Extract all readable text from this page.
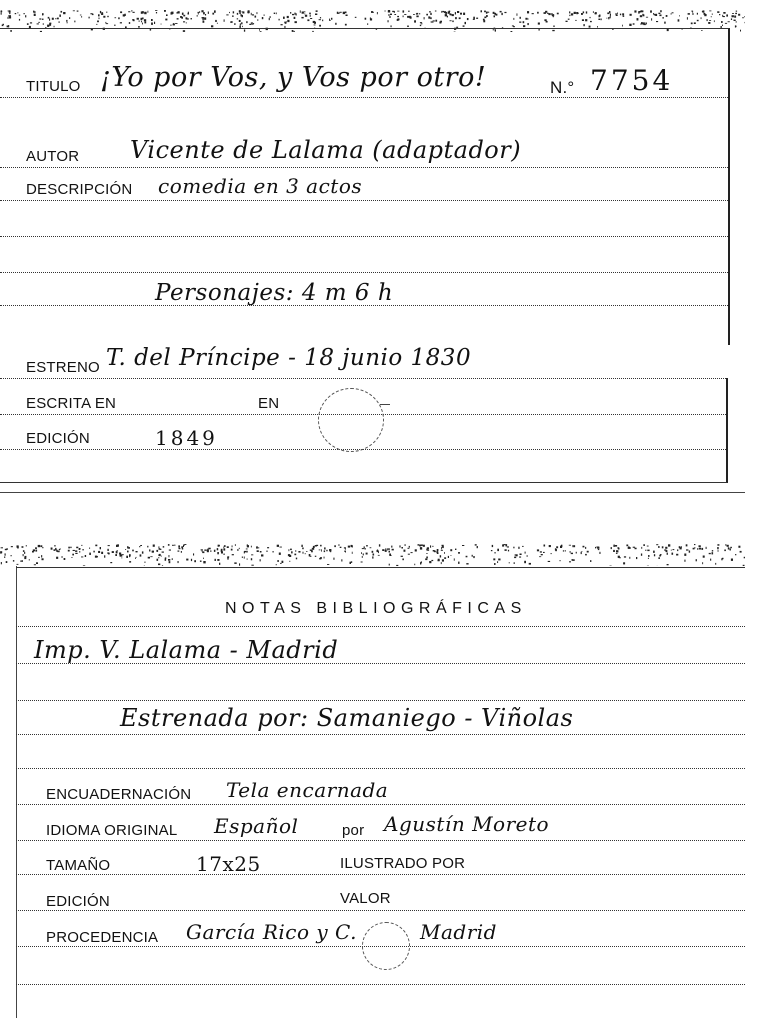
TITULO ¡Yo por Vos, y Vos por otro!	N.° 7754
AUTOR Vicente de Lalama (adaptador)
DESCRIPCIÓN comedia en 3 actos
Personajes: 4 m 6 h
ESTRENO T. del Príncipe - 18 junio 1830
ESCRITA EN	EN
EDICIÓN	1849
NOTAS BIBLIOGRÁFICAS
Imp. V. Lalama - Madrid
Estrenada por: Samaniego - Viñolas
ENCUADERNACIÓN Tela encarnada
IDIOMA ORIGINAL Español	por Agustín Moreto
TAMAÑO	17x25	ILUSTRADO POR
EDICIÓN	VALOR
PROCEDENCIA García Rico y C.	Madrid
